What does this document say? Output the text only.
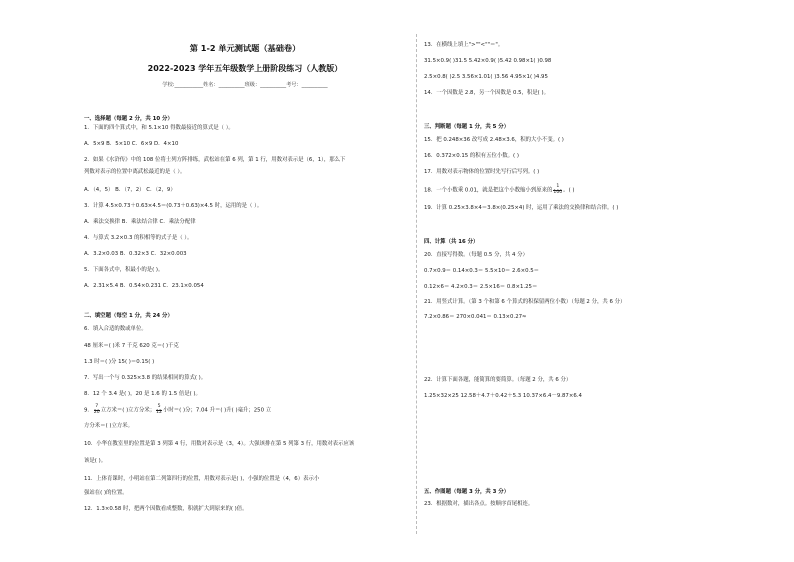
第 1-2 单元测试题（基础卷）
2022-2023 学年五年级数学上册阶段练习（人教版）
学校:___________姓名：__________班级：__________考号：__________
一、选择题（每题 2 分，共 10 分）
1．下面的四个算式中，和 5.1×10 得数最接近的算式是（ ）。
A．5×9 B．5×10 C．6×9 D．4×10
2．如果《水浒传》中的 108 位将士列方阵排练，武松站在第 6 列，第 1 行，用数对表示是（6，1），那么下
列数对表示的位置中离武松最近的是（ ）。
A．（4，5） B．（7，2） C．（2，9）
3．计算 4.5×0.73＋0.63×4.5＝(0.73＋0.63)×4.5 时，运用的是（ ）。
A．乘法交换律 B．乘法结合律 C．乘法分配律
4．与算式 3.2×0.3 的积相等的式子是（ ）。
A．3.2×0.03 B．0.32×3 C．32×0.003
5．下面各式中，积最小的是( )。
A．2.31×5.4 B．0.54×0.231 C．23.1×0.054
二、填空题（每空 1 分，共 24 分）
6．填入合适的数或单位。
48 厘米＝( )米 7 千克 620 克＝( )千克
1.3 时＝( )分 15( )＝0.15( )
7．写出一个与 0.325×3.8 的结果相同的算式( )。
8．12 个 3.4 是( )，20 是 1.6 的 1.5 倍是( )。
9． $\frac{7}{20}$ 立方米＝( )立方分米； $\frac{5}{12}$ 小时＝( )分；7.04 升＝( )升( )毫升；250 立
方分米＝( )立方米。
10．小华在教室里的位置是第 3 列第 4 行，用数对表示是（3，4）。大强该排在第 5 列第 3 行，用数对表示应该
该是( )。
11．上体育课时，小明站在第二列第四行的位置，用数对表示是( )，小强的位置是（4，6）表示小
强站在( )的位置。
12．1.3×0.58 时，把两个因数看成整数，积就扩大到原来的( )倍。
13．在横线上填上">""<""＝"。
31.5×0.9( )31.5 5.42×0.9( )5.42 0.98×1( )0.98
2.5×0.8( )2.5 3.56×1.01( )3.56 4.95×1( )4.95
14．一个因数是 2.8，另一个因数是 0.5，积是( )。
三、判断题（每题 1 分，共 5 分）
15．把 0.248×36 改写成 2.48×3.6，积的大小不变。( )
16．0.372×0.15 的积有五位小数。( )
17．用数对表示物体的位置时先写行后写列。( )
18．一个小数乘 0.01，就是把这个小数缩小到原来的 $\frac{1}{100}$ 。( )
19．计算 0.25×3.8×4＝3.8×(0.25×4) 时，运用了乘法的交换律和结合律。( )
四、计算（共 16 分）
20．直接写得数。（每题 0.5 分，共 4 分）
0.7×0.9＝ 0.14×0.3＝ 5.5×10＝ 2.6×0.5＝
0.12×6＝ 4.2×0.3＝ 2.5×16＝ 0.8×1.25＝
21．用竖式计算。（第 3 个和第 6 个算式的积保留两位小数）（每题 2 分，共 6 分）
7.2×0.86＝ 270×0.041＝ 0.13×0.27≈
22．计算下面各题，能简算的要简算。（每题 2 分，共 6 分）
1.25×32×25 12.58＋4.7＋0.42＋5.3 10.37×6.4－9.87×6.4
五、作图题（每题 3 分，共 3 分）
23．根据数对，描出各点。按顺序首尾相连。
